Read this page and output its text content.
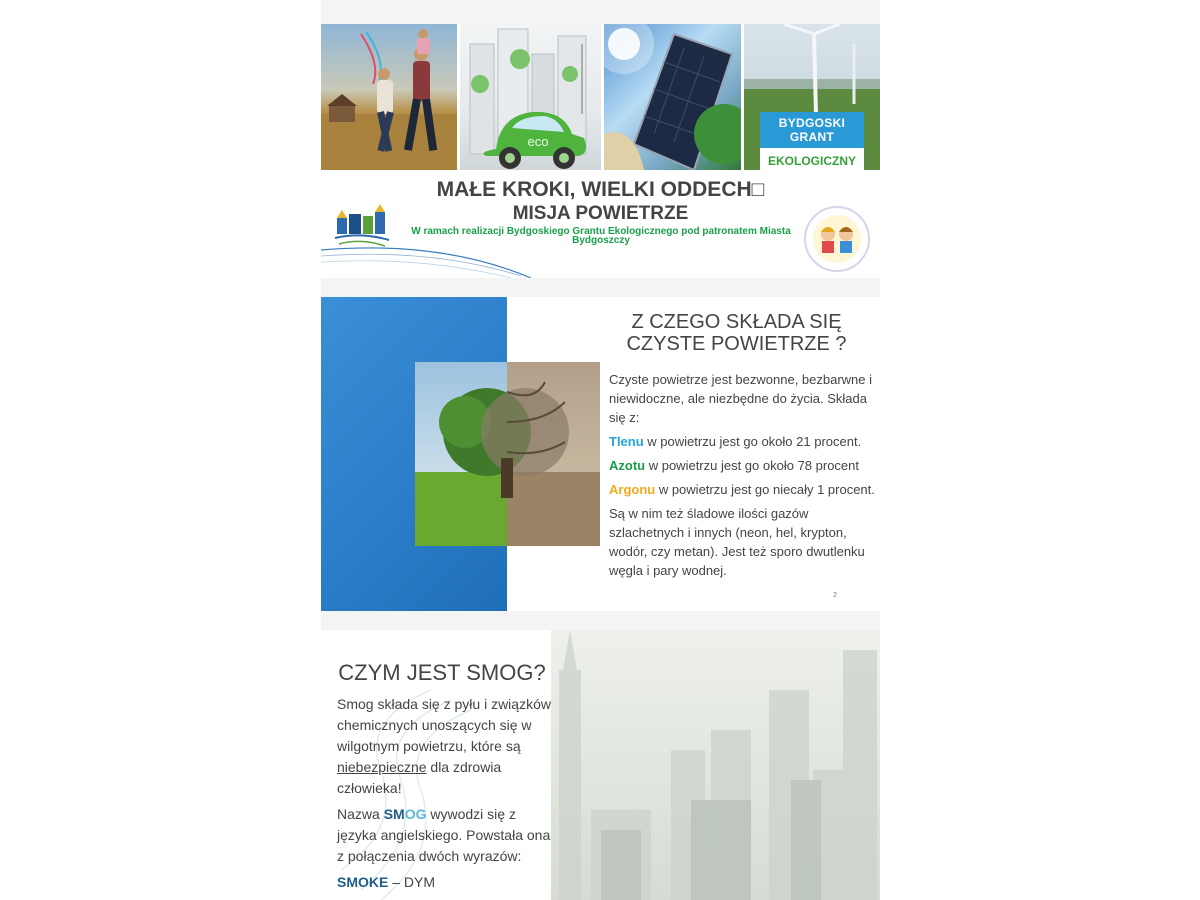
eco
BYDGOSKI GRANT
EKOLOGICZNY
MAŁE KROKI, WIELKI ODDECH□
MISJA POWIETRZE
W ramach realizacji Bydgoskiego Grantu Ekologicznego pod patronatem Miasta Bydgoszczy
Z CZEGO SKŁADA SIĘ
CZYSTE POWIETRZE ?

Czyste powietrze jest bezwonne, bezbarwne i niewidoczne, ale niezbędne do życia. Składa się z:

Tlenu w powietrzu jest go około 21 procent.

Azotu w powietrzu jest go około 78 procent

Argonu w powietrzu jest go niecały 1 procent.

Są w nim też śladowe ilości gazów szlachetnych i innych (neon, hel, krypton, wodór, czy metan). Jest też sporo dwutlenku węgla i pary wodnej.

2
CZYM JEST SMOG?

Smog składa się z pyłu i związków chemicznych unoszących się w wilgotnym powietrzu, które są niebezpieczne dla zdrowia człowieka!

Nazwa SMOG wywodzi się z języka angielskiego. Powstała ona z połączenia dwóch wyrazów:

SMOKE – DYM
